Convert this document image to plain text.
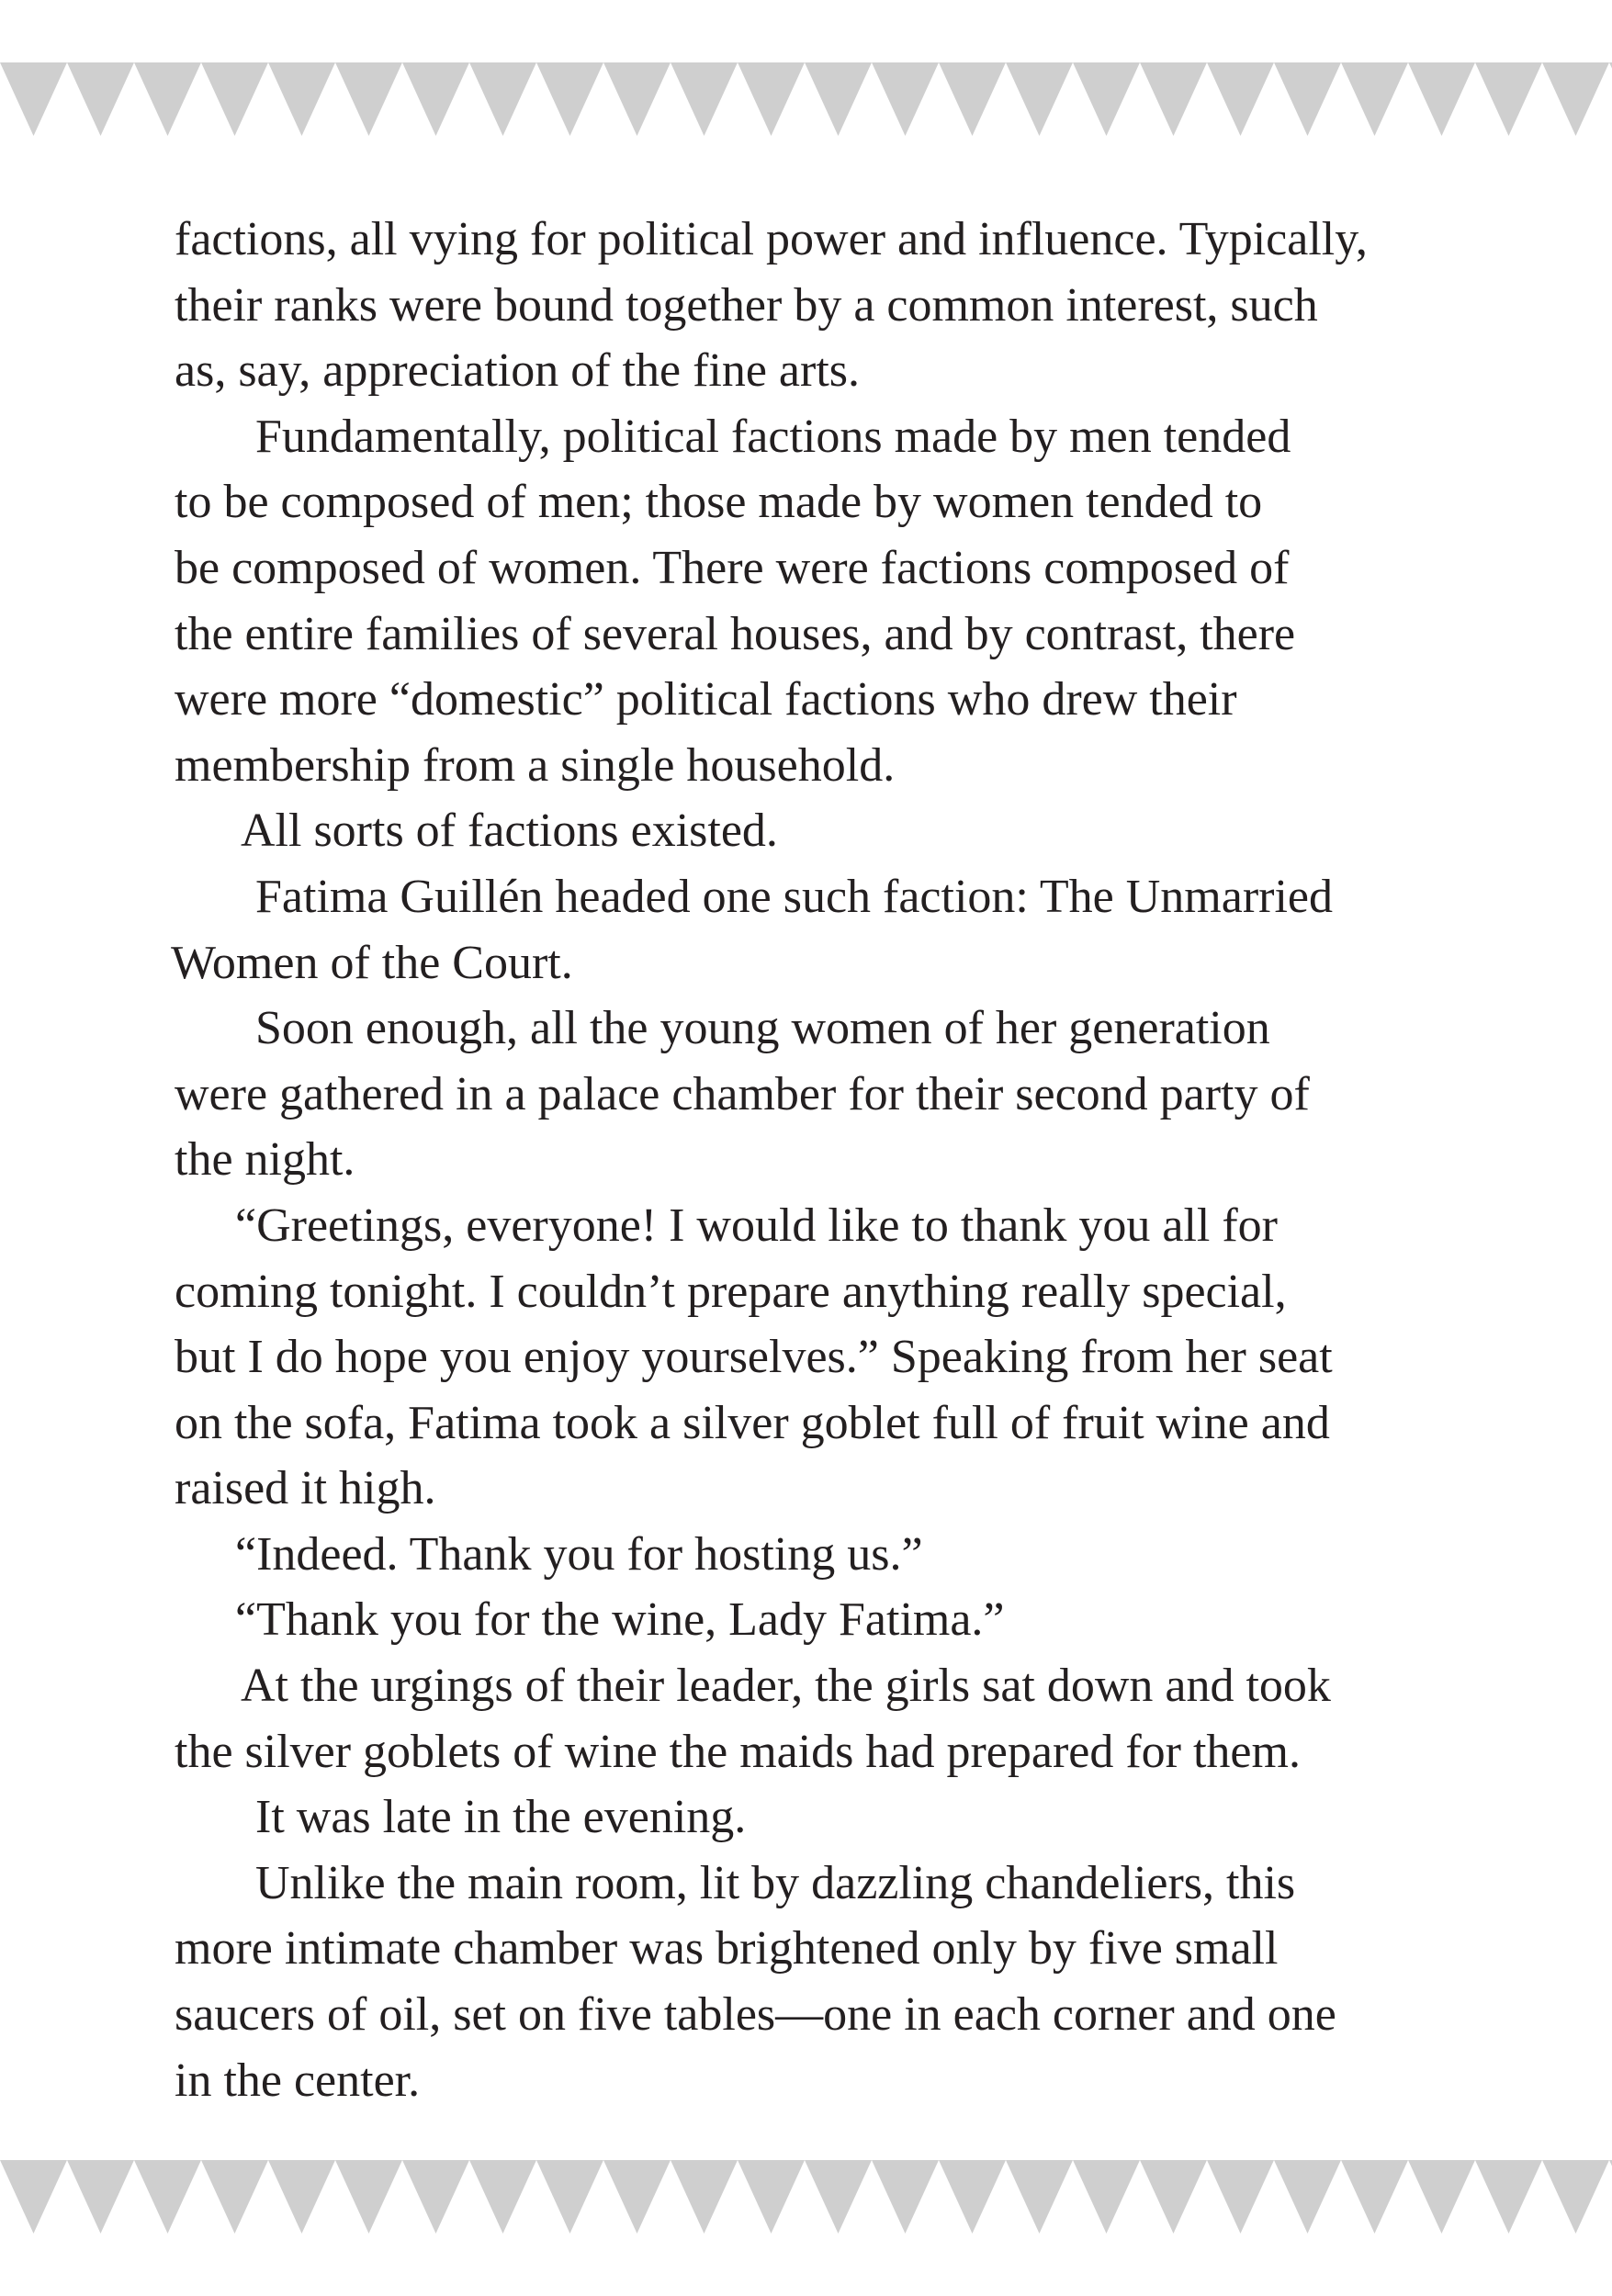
factions, all vying for political power and influence. Typically,
their ranks were bound together by a common interest, such
as, say, appreciation of the fine arts.
Fundamentally, political factions made by men tended
to be composed of men; those made by women tended to
be composed of women. There were factions composed of
the entire families of several houses, and by contrast, there
were more “domestic” political factions who drew their
membership from a single household.
All sorts of factions existed.
Fatima Guillén headed one such faction: The Unmarried
Women of the Court.
Soon enough, all the young women of her generation
were gathered in a palace chamber for their second party of
the night.
“Greetings, everyone! I would like to thank you all for
coming tonight. I couldn’t prepare anything really special,
but I do hope you enjoy yourselves.” Speaking from her seat
on the sofa, Fatima took a silver goblet full of fruit wine and
raised it high.
“Indeed. Thank you for hosting us.”
“Thank you for the wine, Lady Fatima.”
At the urgings of their leader, the girls sat down and took
the silver goblets of wine the maids had prepared for them.
It was late in the evening.
Unlike the main room, lit by dazzling chandeliers, this
more intimate chamber was brightened only by five small
saucers of oil, set on five tables—one in each corner and one
in the center.
